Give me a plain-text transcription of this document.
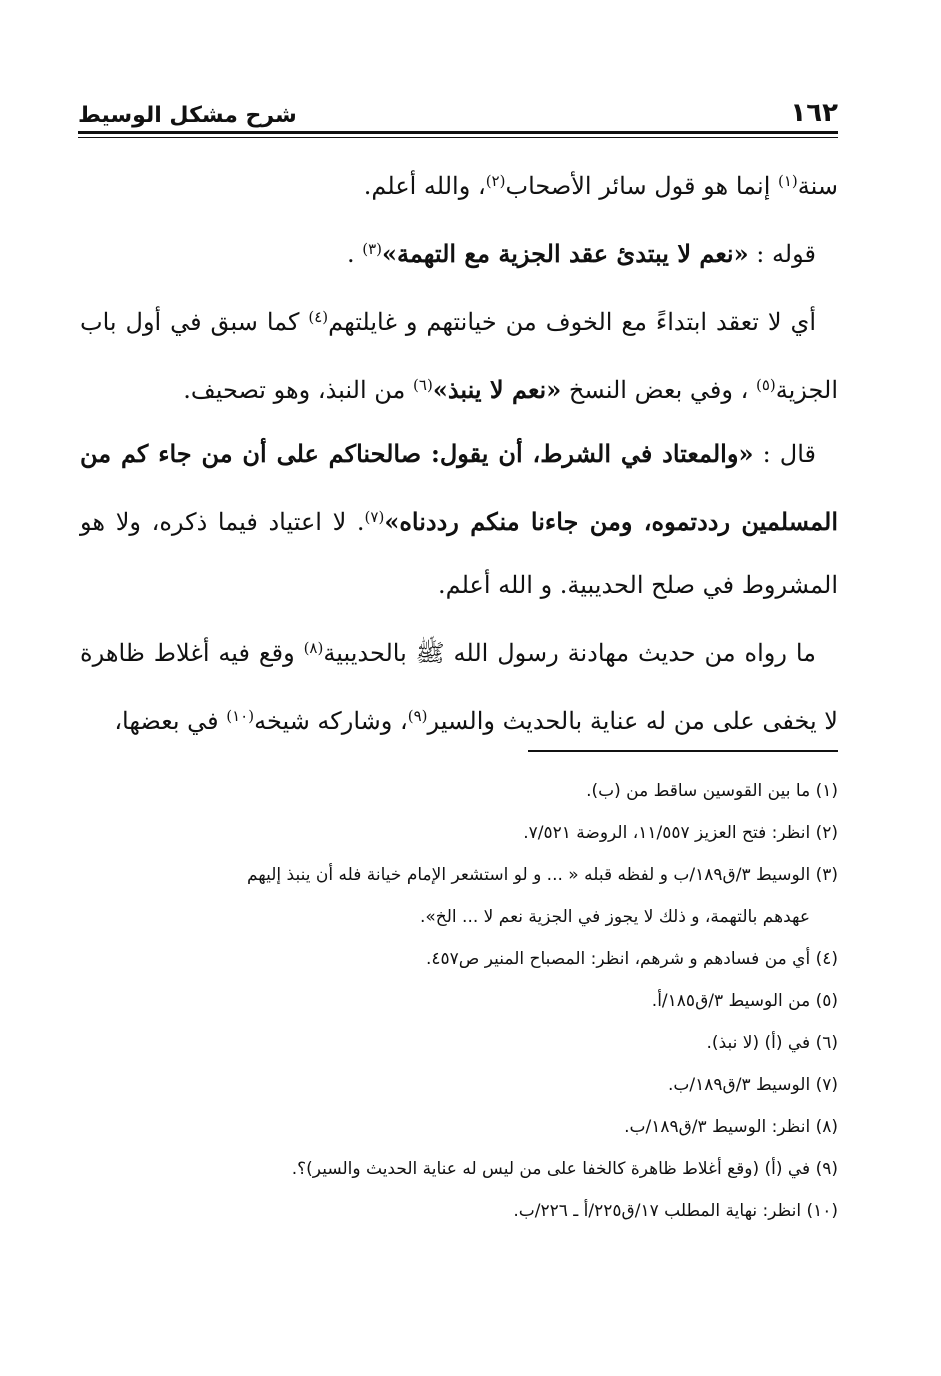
١٦٢
شرح مشكل الوسيط

سنة$^{(١)}$ إنما هو قول سائر الأصحاب$^{(٢)}$، والله أعلم.

قوله : «نعم لا يبتدئ عقد الجزية مع التهمة»$^{(٣)}$ .

أي لا تعقد ابتداءً مع الخوف من خيانتهم و غايلتهم$^{(٤)}$ كما سبق في أول باب الجزية$^{(٥)}$ ، وفي بعض النسخ «نعم لا ينبذ»$^{(٦)}$ من النبذ، وهو تصحيف.

قال : «والمعتاد في الشرط، أن يقول: صالحناكم على أن من جاء كم من المسلمين رددتموه، ومن جاءنا منكم رددناه»$^{(٧)}$. لا اعتياد فيما ذكره، ولا هو المشروط في صلح الحديبية. و الله أعلم.

ما رواه من حديث مهادنة رسول الله ﷺ بالحديبية$^{(٨)}$ وقع فيه أغلاط ظاهرة لا يخفى على من له عناية بالحديث والسير$^{(٩)}$، وشاركه شيخه$^{(١٠)}$ في بعضها،

(١) ما بين القوسين ساقط من (ب).

(٢) انظر: فتح العزيز ١١/٥٥٧، الروضة ٧/٥٢١.

(٣) الوسيط ٣/ق١٨٩/ب و لفظه قبله « ... و لو استشعر الإمام خيانة فله أن ينبذ إليهم

عهدهم بالتهمة، و ذلك لا يجوز في الجزية نعم لا ... الخ».

(٤) أي من فسادهم و شرهم، انظر: المصباح المنير ص٤٥٧.

(٥) من الوسيط ٣/ق١٨٥/أ.

(٦) في (أ) (لا نبذ).

(٧) الوسيط ٣/ق١٨٩/ب.

(٨) انظر: الوسيط ٣/ق١٨٩/ب.

(٩) في (أ) (وقع أغلاط ظاهرة كالخفا على من ليس له عناية الحديث والسير)؟.

(١٠) انظر: نهاية المطلب ١٧/ق٢٢٥/أ ـ ٢٢٦/ب.
